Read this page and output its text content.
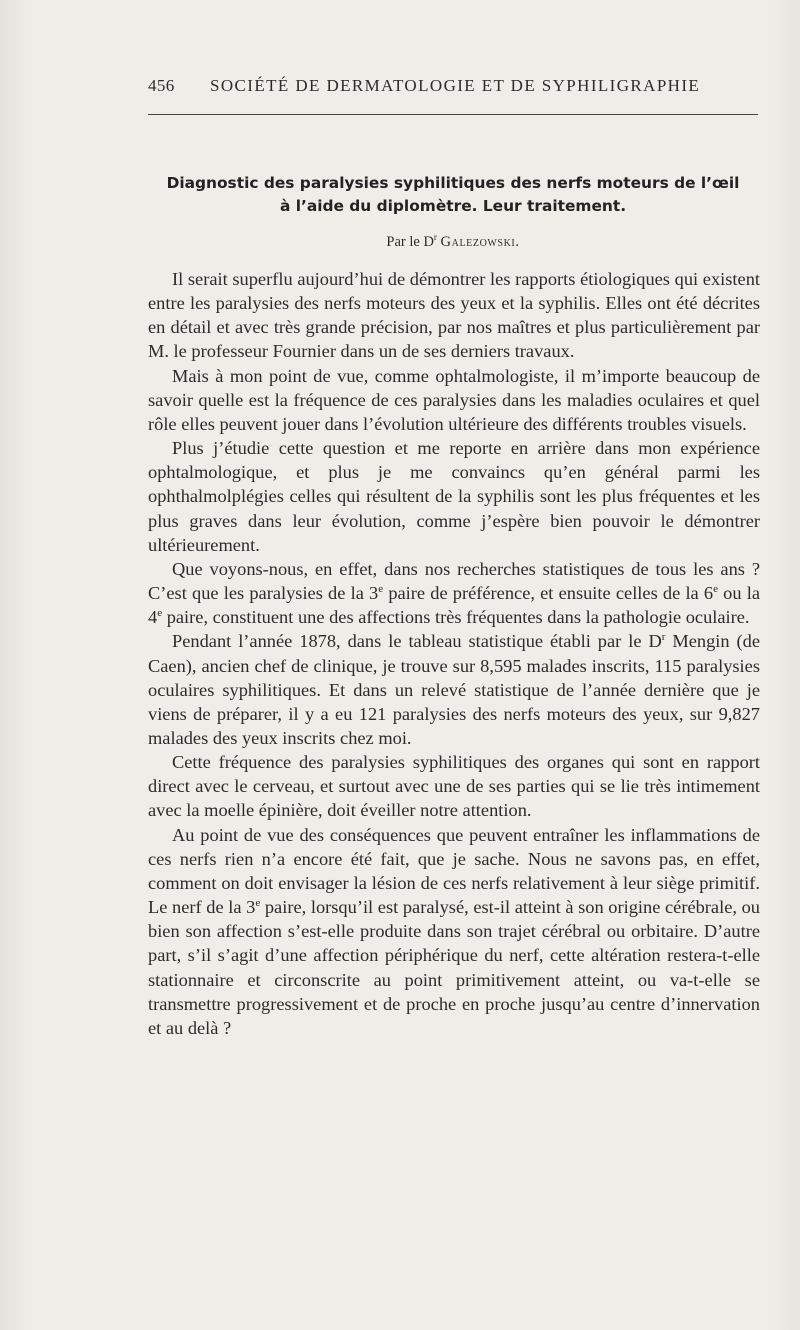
456 SOCIÉTÉ DE DERMATOLOGIE ET DE SYPHILIGRAPHIE
Diagnostic des paralysies syphilitiques des nerfs moteurs de l’œil
à l’aide du diplomètre. Leur traitement.
Par le $D^r$ Galezowski.

Il serait superflu aujourd’hui de démontrer les rapports étiologiques qui existent entre les paralysies des nerfs moteurs des yeux et la syphilis. Elles ont été décrites en détail et avec très grande précision, par nos maîtres et plus particulièrement par M. le professeur Fournier dans un de ses derniers travaux.

Mais à mon point de vue, comme ophtalmologiste, il m’importe beaucoup de savoir quelle est la fréquence de ces paralysies dans les maladies oculaires et quel rôle elles peuvent jouer dans l’évolution ultérieure des différents troubles visuels.

Plus j’étudie cette question et me reporte en arrière dans mon expérience ophtalmologique, et plus je me convaincs qu’en général parmi les ophthalmolplégies celles qui résultent de la syphilis sont les plus fréquentes et les plus graves dans leur évolution, comme j’espère bien pouvoir le démontrer ultérieurement.

Que voyons-nous, en effet, dans nos recherches statistiques de tous les ans ? C’est que les paralysies de la 3e paire de préférence, et ensuite celles de la 6e ou la 4e paire, constituent une des affections très fréquentes dans la pathologie oculaire.

Pendant l’année 1878, dans le tableau statistique établi par le $D^r$ Mengin (de Caen), ancien chef de clinique, je trouve sur 8,595 malades inscrits, 115 paralysies oculaires syphilitiques. Et dans un relevé statistique de l’année dernière que je viens de préparer, il y a eu 121 paralysies des nerfs moteurs des yeux, sur 9,827 malades des yeux inscrits chez moi.

Cette fréquence des paralysies syphilitiques des organes qui sont en rapport direct avec le cerveau, et surtout avec une de ses parties qui se lie très intimement avec la moelle épinière, doit éveiller notre attention.

Au point de vue des conséquences que peuvent entraîner les inflammations de ces nerfs rien n’a encore été fait, que je sache. Nous ne savons pas, en effet, comment on doit envisager la lésion de ces nerfs relativement à leur siège primitif. Le nerf de la 3e paire, lorsqu’il est paralysé, est-il atteint à son origine cérébrale, ou bien son affection s’est-elle produite dans son trajet cérébral ou orbitaire. D’autre part, s’il s’agit d’une affection périphérique du nerf, cette altération restera-t-elle stationnaire et circonscrite au point primitivement atteint, ou va-t-elle se transmettre progressivement et de proche en proche jusqu’au centre d’innervation et au delà ?
